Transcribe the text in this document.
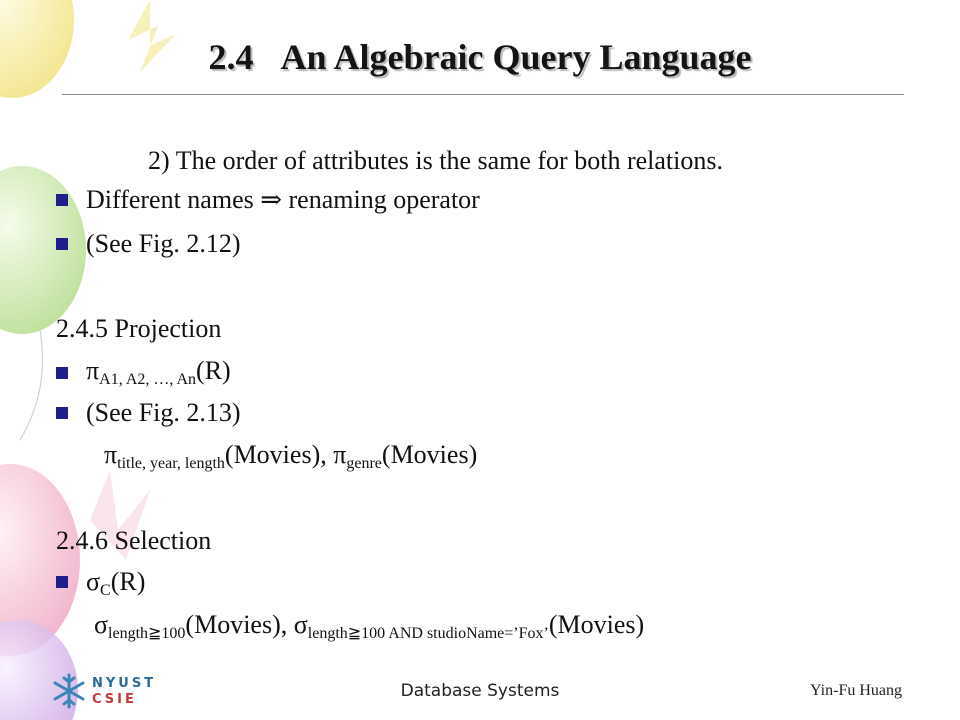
2.4   An Algebraic Query Language
2) The order of attributes is the same for both relations.
Different names ⇒ renaming operator
(See Fig. 2.12)
2.4.5 Projection
$\pi_{A1, A2, \dots, An}(R)$
(See Fig. 2.13)
$\pi_{title, year, length}(Movies)$, $\pi_{genre}(Movies)$
2.4.6 Selection
$\sigma_C(R)$
$\sigma_{length≧100}(Movies)$, $\sigma_{length≧100 AND studioName=’Fox’}(Movies)$
NYUST
CSIE	Database Systems	Yin-Fu Huang
